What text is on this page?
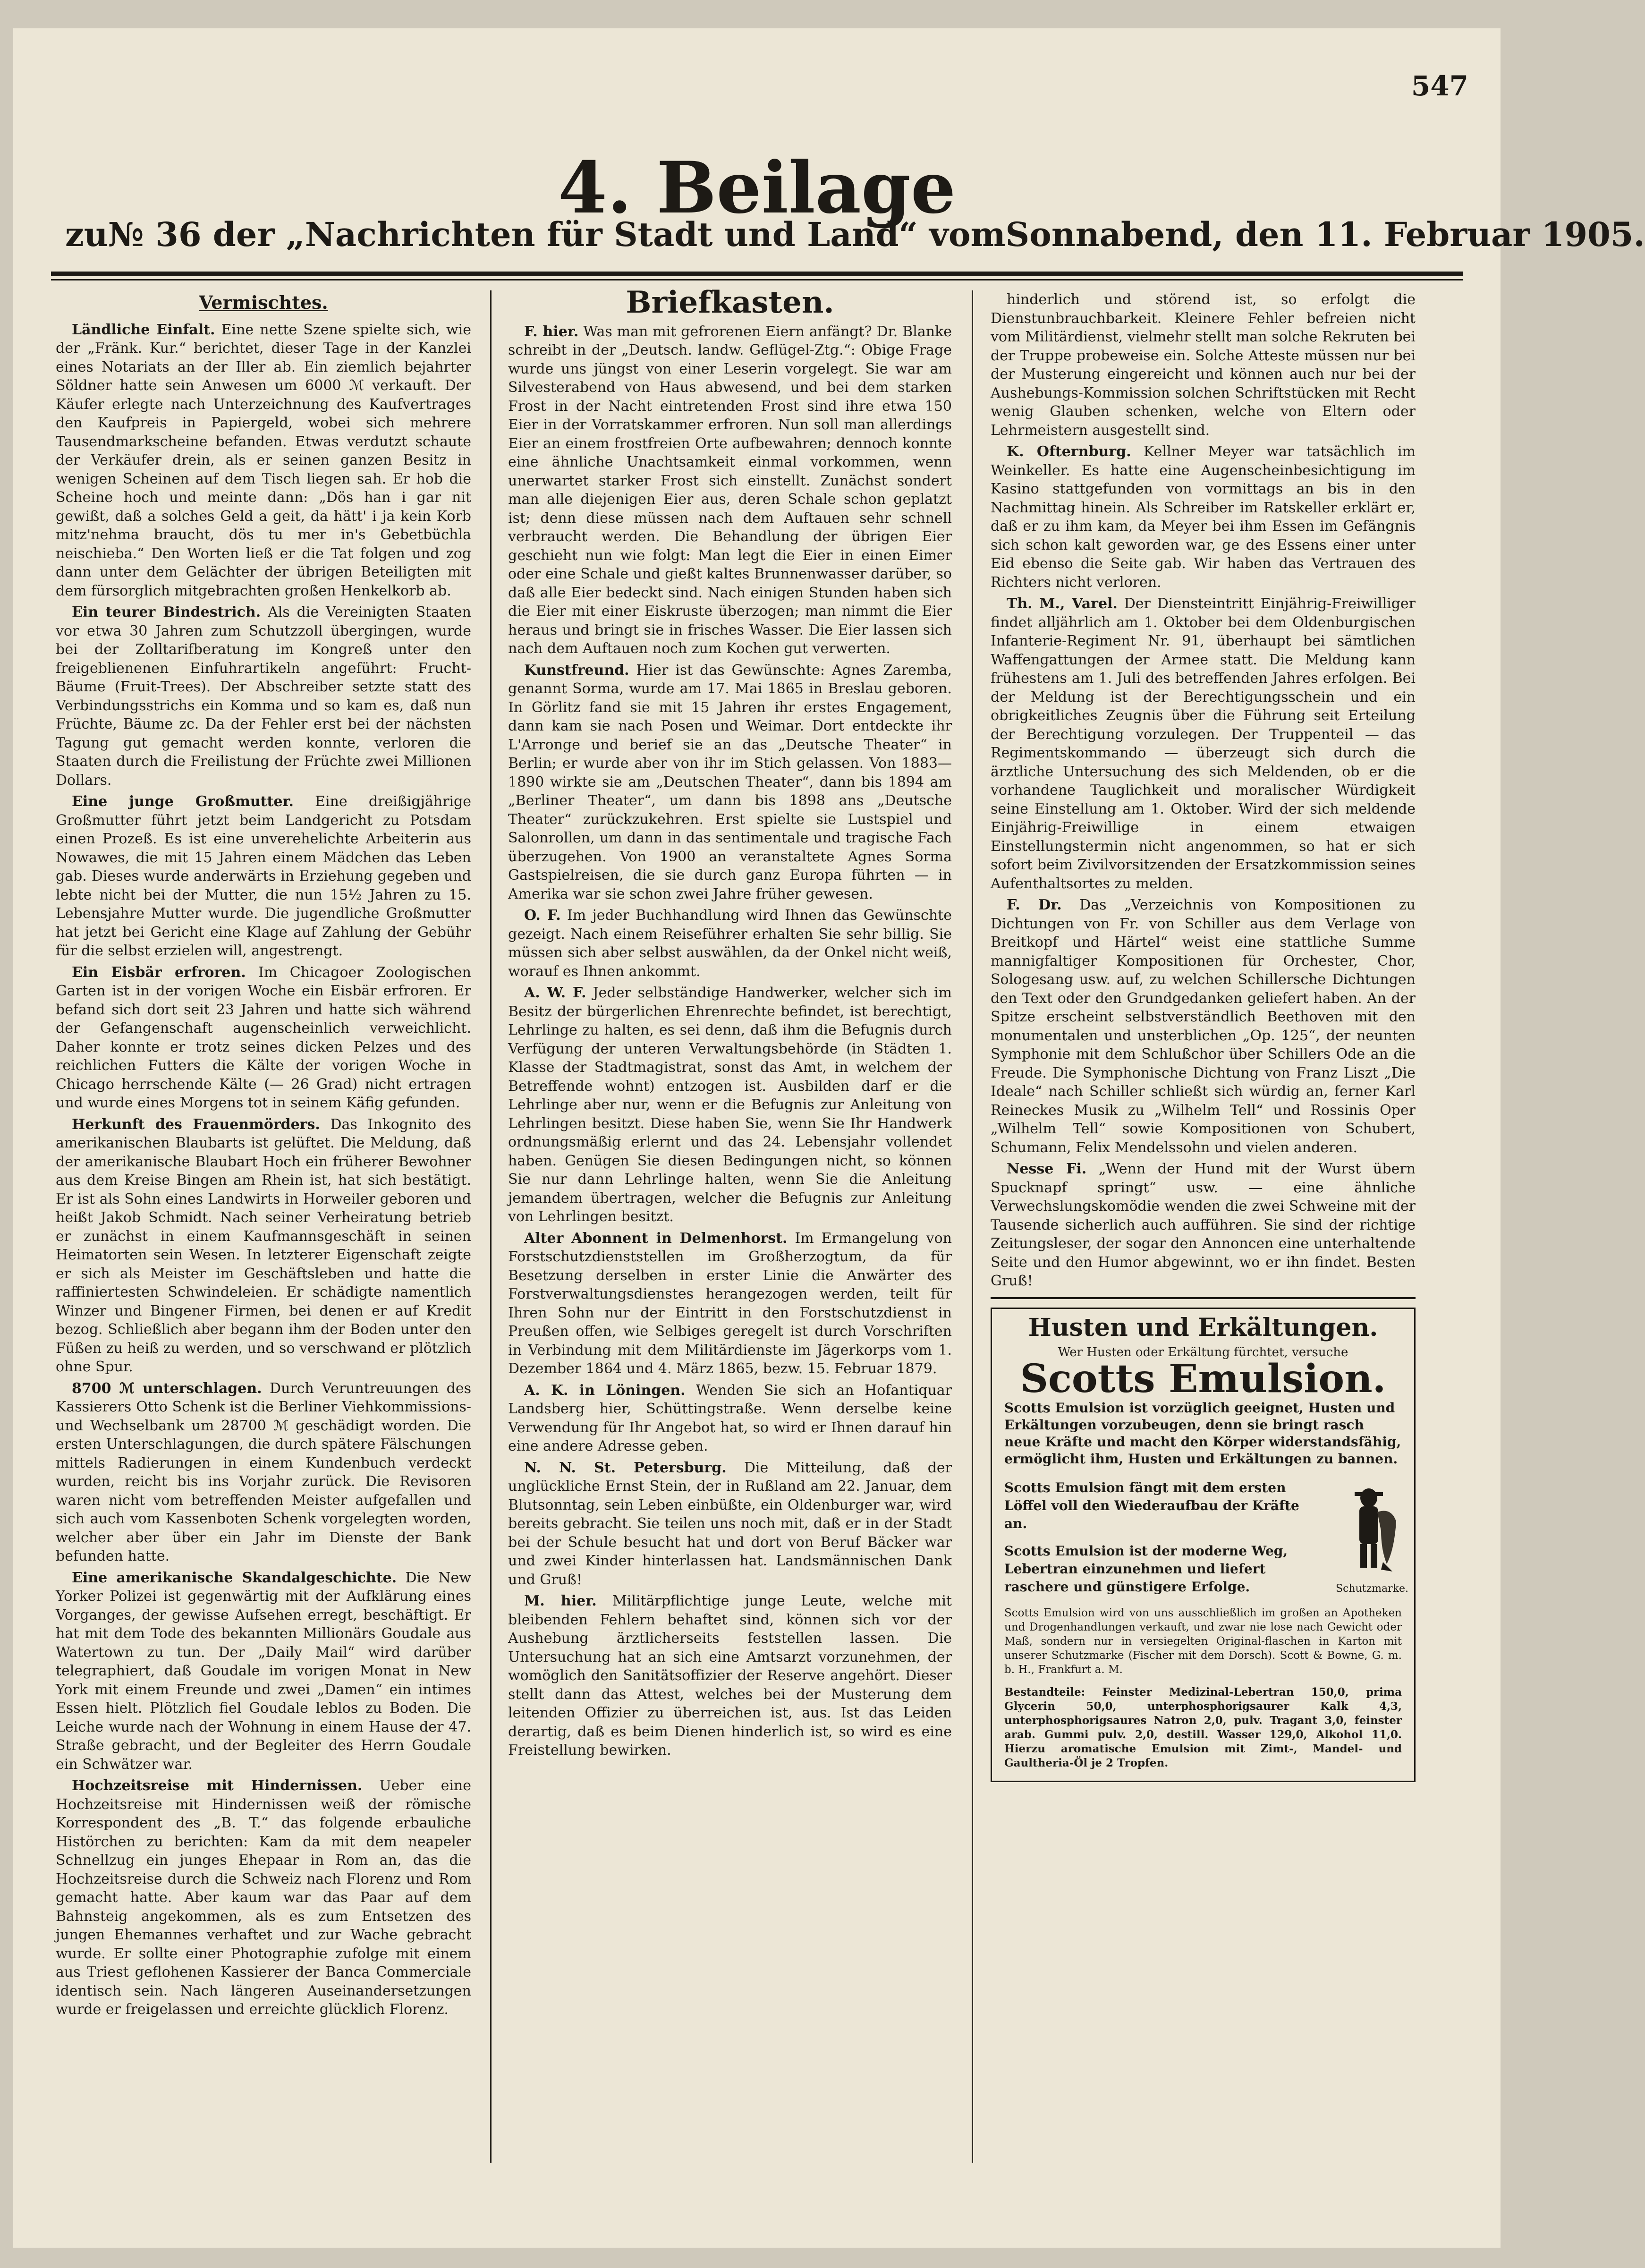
547
4. Beilage
zu № 36 der „Nachrichten für Stadt und Land“ vom Sonnabend, den 11. Februar 1905.
Vermischtes.

Ländliche Einfalt. Eine nette Szene spielte sich, wie der „Fränk. Kur.“ berichtet, dieser Tage in der Kanzlei eines Notariats an der Iller ab. Ein ziemlich bejahrter Söldner hatte sein Anwesen um 6000 ℳ verkauft. Der Käufer erlegte nach Unterzeichnung des Kaufvertrages den Kaufpreis in Papiergeld, wobei sich mehrere Tausendmarkscheine befanden. Etwas verdutzt schaute der Verkäufer drein, als er seinen ganzen Besitz in wenigen Scheinen auf dem Tisch liegen sah. Er hob die Scheine hoch und meinte dann: „Dös han i gar nit gewißt, daß a solches Geld a geit, da hätt' i ja kein Korb mitz'nehma braucht, dös tu mer in's Gebetbüchla neischieba.“ Den Worten ließ er die Tat folgen und zog dann unter dem Gelächter der übrigen Beteiligten mit dem fürsorglich mitgebrachten großen Henkelkorb ab.

Ein teurer Bindestrich. Als die Vereinigten Staaten vor etwa 30 Jahren zum Schutzzoll übergingen, wurde bei der Zolltarifberatung im Kongreß unter den freigeblienenen Einfuhrartikeln angeführt: Frucht-Bäume (Fruit-Trees). Der Abschreiber setzte statt des Verbindungsstrichs ein Komma und so kam es, daß nun Früchte, Bäume zc. Da der Fehler erst bei der nächsten Tagung gut gemacht werden konnte, verloren die Staaten durch die Freilistung der Früchte zwei Millionen Dollars.

Eine junge Großmutter. Eine dreißigjährige Großmutter führt jetzt beim Landgericht zu Potsdam einen Prozeß. Es ist eine unverehelichte Arbeiterin aus Nowawes, die mit 15 Jahren einem Mädchen das Leben gab. Dieses wurde anderwärts in Erziehung gegeben und lebte nicht bei der Mutter, die nun 15½ Jahren zu 15. Lebensjahre Mutter wurde. Die jugendliche Großmutter hat jetzt bei Gericht eine Klage auf Zahlung der Gebühr für die selbst erzielen will, angestrengt.

Ein Eisbär erfroren. Im Chicagoer Zoologischen Garten ist in der vorigen Woche ein Eisbär erfroren. Er befand sich dort seit 23 Jahren und hatte sich während der Gefangenschaft augenscheinlich verweichlicht. Daher konnte er trotz seines dicken Pelzes und des reichlichen Futters die Kälte der vorigen Woche in Chicago herrschende Kälte (— 26 Grad) nicht ertragen und wurde eines Morgens tot in seinem Käfig gefunden.

Herkunft des Frauenmörders. Das Inkognito des amerikanischen Blaubarts ist gelüftet. Die Meldung, daß der amerikanische Blaubart Hoch ein früherer Bewohner aus dem Kreise Bingen am Rhein ist, hat sich bestätigt. Er ist als Sohn eines Landwirts in Horweiler geboren und heißt Jakob Schmidt. Nach seiner Verheiratung betrieb er zunächst in einem Kaufmannsgeschäft in seinen Heimatorten sein Wesen. In letzterer Eigenschaft zeigte er sich als Meister im Geschäftsleben und hatte die raffiniertesten Schwindeleien. Er schädigte namentlich Winzer und Bingener Firmen, bei denen er auf Kredit bezog. Schließlich aber begann ihm der Boden unter den Füßen zu heiß zu werden, und so verschwand er plötzlich ohne Spur.

8700 ℳ unterschlagen. Durch Veruntreuungen des Kassierers Otto Schenk ist die Berliner Viehkommissions- und Wechselbank um 28700 ℳ geschädigt worden. Die ersten Unterschlagungen, die durch spätere Fälschungen mittels Radierungen in einem Kundenbuch verdeckt wurden, reicht bis ins Vorjahr zurück. Die Revisoren waren nicht vom betreffenden Meister aufgefallen und sich auch vom Kassenboten Schenk vorgelegten worden, welcher aber über ein Jahr im Dienste der Bank befunden hatte.

Eine amerikanische Skandalgeschichte. Die New Yorker Polizei ist gegenwärtig mit der Aufklärung eines Vorganges, der gewisse Aufsehen erregt, beschäftigt. Er hat mit dem Tode des bekannten Millionärs Goudale aus Watertown zu tun. Der „Daily Mail“ wird darüber telegraphiert, daß Goudale im vorigen Monat in New York mit einem Freunde und zwei „Damen“ ein intimes Essen hielt. Plötzlich fiel Goudale leblos zu Boden. Die Leiche wurde nach der Wohnung in einem Hause der 47. Straße gebracht, und der Begleiter des Herrn Goudale ein Schwätzer war.

Hochzeitsreise mit Hindernissen. Ueber eine Hochzeitsreise mit Hindernissen weiß der römische Korrespondent des „B. T.“ das folgende erbauliche Histörchen zu berichten: Kam da mit dem neapeler Schnellzug ein junges Ehepaar in Rom an, das die Hochzeitsreise durch die Schweiz nach Florenz und Rom gemacht hatte. Aber kaum war das Paar auf dem Bahnsteig angekommen, als es zum Entsetzen des jungen Ehemannes verhaftet und zur Wache gebracht wurde. Er sollte einer Photographie zufolge mit einem aus Triest geflohenen Kassierer der Banca Commerciale identisch sein. Nach längeren Auseinandersetzungen wurde er freigelassen und erreichte glücklich Florenz.

Briefkasten.

F. hier. Was man mit gefrorenen Eiern anfängt? Dr. Blanke schreibt in der „Deutsch. landw. Geflügel-Ztg.“: Obige Frage wurde uns jüngst von einer Leserin vorgelegt. Sie war am Silvesterabend von Haus abwesend, und bei dem starken Frost in der Nacht eintretenden Frost sind ihre etwa 150 Eier in der Vorratskammer erfroren. Nun soll man allerdings Eier an einem frostfreien Orte aufbewahren; dennoch konnte eine ähnliche Unachtsamkeit einmal vorkommen, wenn unerwartet starker Frost sich einstellt. Zunächst sondert man alle diejenigen Eier aus, deren Schale schon geplatzt ist; denn diese müssen nach dem Auftauen sehr schnell verbraucht werden. Die Behandlung der übrigen Eier geschieht nun wie folgt: Man legt die Eier in einen Eimer oder eine Schale und gießt kaltes Brunnenwasser darüber, so daß alle Eier bedeckt sind. Nach einigen Stunden haben sich die Eier mit einer Eiskruste überzogen; man nimmt die Eier heraus und bringt sie in frisches Wasser. Die Eier lassen sich nach dem Auftauen noch zum Kochen gut verwerten.

Kunstfreund. Hier ist das Gewünschte: Agnes Zaremba, genannt Sorma, wurde am 17. Mai 1865 in Breslau geboren. In Görlitz fand sie mit 15 Jahren ihr erstes Engagement, dann kam sie nach Posen und Weimar. Dort entdeckte ihr L'Arronge und berief sie an das „Deutsche Theater“ in Berlin; er wurde aber von ihr im Stich gelassen. Von 1883—1890 wirkte sie am „Deutschen Theater“, dann bis 1894 am „Berliner Theater“, um dann bis 1898 ans „Deutsche Theater“ zurückzukehren. Erst spielte sie Lustspiel und Salonrollen, um dann in das sentimentale und tragische Fach überzugehen. Von 1900 an veranstaltete Agnes Sorma Gastspielreisen, die sie durch ganz Europa führten — in Amerika war sie schon zwei Jahre früher gewesen.

O. F. Im jeder Buchhandlung wird Ihnen das Gewünschte gezeigt. Nach einem Reiseführer erhalten Sie sehr billig. Sie müssen sich aber selbst auswählen, da der Onkel nicht weiß, worauf es Ihnen ankommt.

A. W. F. Jeder selbständige Handwerker, welcher sich im Besitz der bürgerlichen Ehrenrechte befindet, ist berechtigt, Lehrlinge zu halten, es sei denn, daß ihm die Befugnis durch Verfügung der unteren Verwaltungsbehörde (in Städten 1. Klasse der Stadtmagistrat, sonst das Amt, in welchem der Betreffende wohnt) entzogen ist. Ausbilden darf er die Lehrlinge aber nur, wenn er die Befugnis zur Anleitung von Lehrlingen besitzt. Diese haben Sie, wenn Sie Ihr Handwerk ordnungsmäßig erlernt und das 24. Lebensjahr vollendet haben. Genügen Sie diesen Bedingungen nicht, so können Sie nur dann Lehrlinge halten, wenn Sie die Anleitung jemandem übertragen, welcher die Befugnis zur Anleitung von Lehrlingen besitzt.

Alter Abonnent in Delmenhorst. Im Ermangelung von Forstschutzdienststellen im Großherzogtum, da für Besetzung derselben in erster Linie die Anwärter des Forstverwaltungsdienstes herangezogen werden, teilt für Ihren Sohn nur der Eintritt in den Forstschutzdienst in Preußen offen, wie Selbiges geregelt ist durch Vorschriften in Verbindung mit dem Militärdienste im Jägerkorps vom 1. Dezember 1864 und 4. März 1865, bezw. 15. Februar 1879.

A. K. in Löningen. Wenden Sie sich an Hofantiquar Landsberg hier, Schüttingstraße. Wenn derselbe keine Verwendung für Ihr Angebot hat, so wird er Ihnen darauf hin eine andere Adresse geben.

N. N. St. Petersburg. Die Mitteilung, daß der unglückliche Ernst Stein, der in Rußland am 22. Januar, dem Blutsonntag, sein Leben einbüßte, ein Oldenburger war, wird bereits gebracht. Sie teilen uns noch mit, daß er in der Stadt bei der Schule besucht hat und dort von Beruf Bäcker war und zwei Kinder hinterlassen hat. Landsmännischen Dank und Gruß!

M. hier. Militärpflichtige junge Leute, welche mit bleibenden Fehlern behaftet sind, können sich vor der Aushebung ärztlicherseits feststellen lassen. Die Untersuchung hat an sich eine Amtsarzt vorzunehmen, der womöglich den Sanitätsoffizier der Reserve angehört. Dieser stellt dann das Attest, welches bei der Musterung dem leitenden Offizier zu überreichen ist, aus. Ist das Leiden derartig, daß es beim Dienen hinderlich ist, so wird es eine Freistellung bewirken.

hinderlich und störend ist, so erfolgt die Dienstunbrauchbarkeit. Kleinere Fehler befreien nicht vom Militärdienst, vielmehr stellt man solche Rekruten bei der Truppe probeweise ein. Solche Atteste müssen nur bei der Musterung eingereicht und können auch nur bei der Aushebungs-Kommission solchen Schriftstücken mit Recht wenig Glauben schenken, welche von Eltern oder Lehrmeistern ausgestellt sind.

K. Ofternburg. Kellner Meyer war tatsächlich im Weinkeller. Es hatte eine Augenscheinbesichtigung im Kasino stattgefunden von vormittags an bis in den Nachmittag hinein. Als Schreiber im Ratskeller erklärt er, daß er zu ihm kam, da Meyer bei ihm Essen im Gefängnis sich schon kalt geworden war, ge des Essens einer unter Eid ebenso die Seite gab. Wir haben das Vertrauen des Richters nicht verloren.

Th. M., Varel. Der Diensteintritt Einjährig-Freiwilliger findet alljährlich am 1. Oktober bei dem Oldenburgischen Infanterie-Regiment Nr. 91, überhaupt bei sämtlichen Waffengattungen der Armee statt. Die Meldung kann frühestens am 1. Juli des betreffenden Jahres erfolgen. Bei der Meldung ist der Berechtigungsschein und ein obrigkeitliches Zeugnis über die Führung seit Erteilung der Berechtigung vorzulegen. Der Truppenteil — das Regimentskommando — überzeugt sich durch die ärztliche Untersuchung des sich Meldenden, ob er die vorhandene Tauglichkeit und moralischer Würdigkeit seine Einstellung am 1. Oktober. Wird der sich meldende Einjährig-Freiwillige in einem etwaigen Einstellungstermin nicht angenommen, so hat er sich sofort beim Zivilvorsitzenden der Ersatzkommission seines Aufenthaltsortes zu melden.

F. Dr. Das „Verzeichnis von Kompositionen zu Dichtungen von Fr. von Schiller aus dem Verlage von Breitkopf und Härtel“ weist eine stattliche Summe mannigfaltiger Kompositionen für Orchester, Chor, Sologesang usw. auf, zu welchen Schillersche Dichtungen den Text oder den Grundgedanken geliefert haben. An der Spitze erscheint selbstverständlich Beethoven mit den monumentalen und unsterblichen „Op. 125“, der neunten Symphonie mit dem Schlußchor über Schillers Ode an die Freude. Die Symphonische Dichtung von Franz Liszt „Die Ideale“ nach Schiller schließt sich würdig an, ferner Karl Reineckes Musik zu „Wilhelm Tell“ und Rossinis Oper „Wilhelm Tell“ sowie Kompositionen von Schubert, Schumann, Felix Mendelssohn und vielen anderen.

Nesse Fi. „Wenn der Hund mit der Wurst übern Spucknapf springt“ usw. — eine ähnliche Verwechslungskomödie wenden die zwei Schweine mit der Tausende sicherlich auch aufführen. Sie sind der richtige Zeitungsleser, der sogar den Annoncen eine unterhaltende Seite und den Humor abgewinnt, wo er ihn findet. Besten Gruß!

Husten und Erkältungen.
Wer Husten oder Erkältung fürchtet, versuche
Scotts Emulsion.
Scotts Emulsion ist vorzüglich geeignet, Husten und Erkältungen vorzubeugen, denn sie bringt rasch neue Kräfte und macht den Körper widerstandsfähig, ermöglicht ihm, Husten und Erkältungen zu bannen.
Scotts Emulsion fängt mit dem ersten Löffel voll den Wiederaufbau der Kräfte an.
Scotts Emulsion ist der moderne Weg, Lebertran einzunehmen und liefert raschere und günstigere Erfolge.	Schutzmarke.
Scotts Emulsion wird von uns ausschließlich im großen an Apotheken und Drogenhandlungen verkauft, und zwar nie lose nach Gewicht oder Maß, sondern nur in versiegelten Original-flaschen in Karton mit unserer Schutzmarke (Fischer mit dem Dorsch). Scott & Bowne, G. m. b. H., Frankfurt a. M.
Bestandteile: Feinster Medizinal-Lebertran 150,0, prima Glycerin 50,0, unterphosphorigsaurer Kalk 4,3, unterphosphorigsaures Natron 2,0, pulv. Tragant 3,0, feinster arab. Gummi pulv. 2,0, destill. Wasser 129,0, Alkohol 11,0. Hierzu aromatische Emulsion mit Zimt-, Mandel- und Gaultheria-Öl je 2 Tropfen.
